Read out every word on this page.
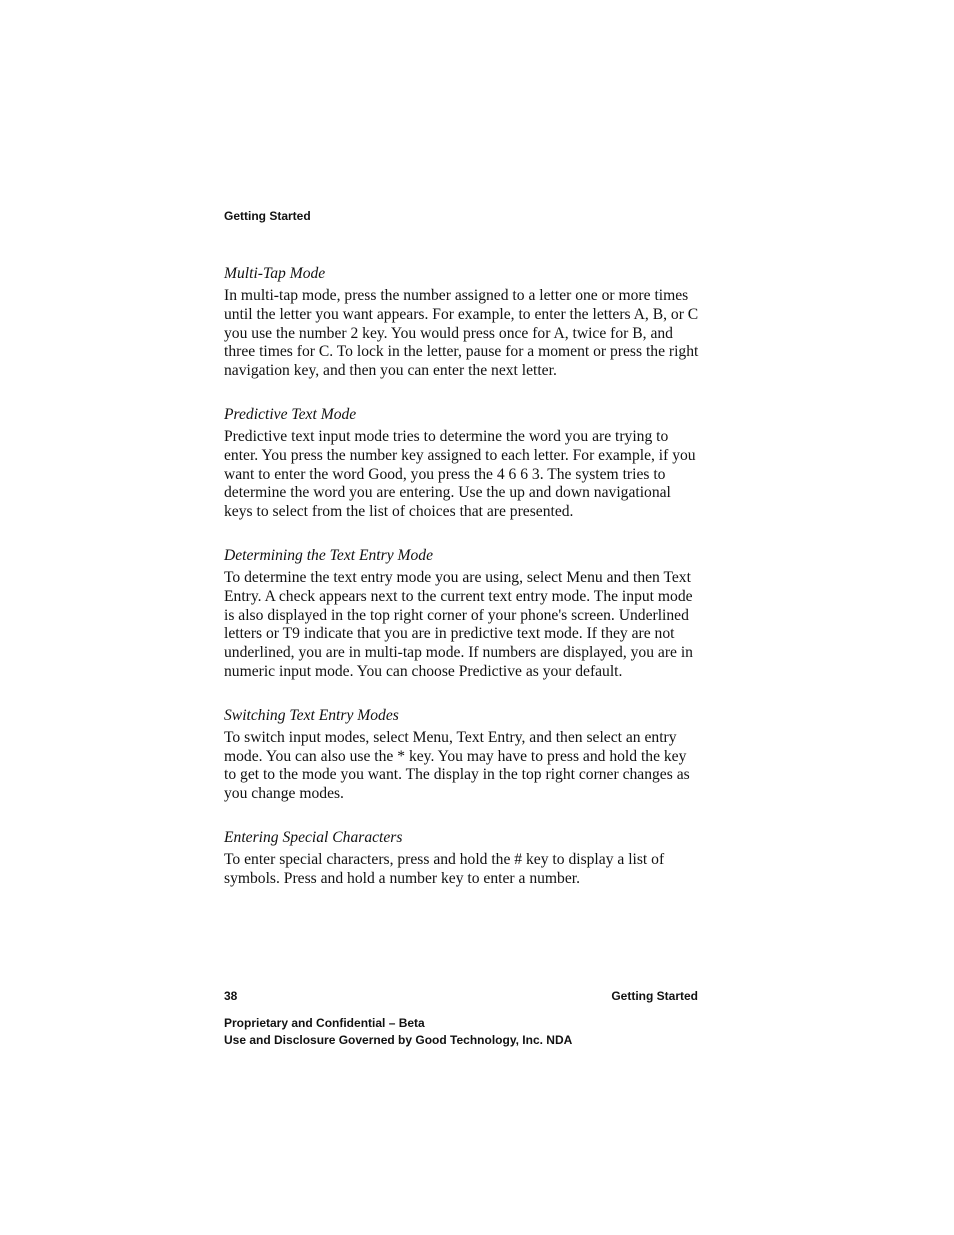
Getting Started
Multi-Tap Mode

In multi-tap mode, press the number assigned to a letter one or more times until the letter you want appears. For example, to enter the letters A, B, or C you use the number 2 key. You would press once for A, twice for B, and three times for C. To lock in the letter, pause for a moment or press the right navigation key, and then you can enter the next letter.

Predictive Text Mode

Predictive text input mode tries to determine the word you are trying to enter. You press the number key assigned to each letter. For example, if you want to enter the word Good, you press the 4 6 6 3. The system tries to determine the word you are entering. Use the up and down navigational keys to select from the list of choices that are presented.

Determining the Text Entry Mode

To determine the text entry mode you are using, select Menu and then Text Entry. A check appears next to the current text entry mode. The input mode is also displayed in the top right corner of your phone's screen. Underlined letters or T9 indicate that you are in predictive text mode. If they are not underlined, you are in multi-tap mode. If numbers are displayed, you are in numeric input mode. You can choose Predictive as your default.

Switching Text Entry Modes

To switch input modes, select Menu, Text Entry, and then select an entry mode. You can also use the * key. You may have to press and hold the key to get to the mode you want. The display in the top right corner changes as you change modes.

Entering Special Characters

To enter special characters, press and hold the # key to display a list of symbols. Press and hold a number key to enter a number.

38	Getting Started
Proprietary and Confidential – Beta
Use and Disclosure Governed by Good Technology, Inc. NDA
